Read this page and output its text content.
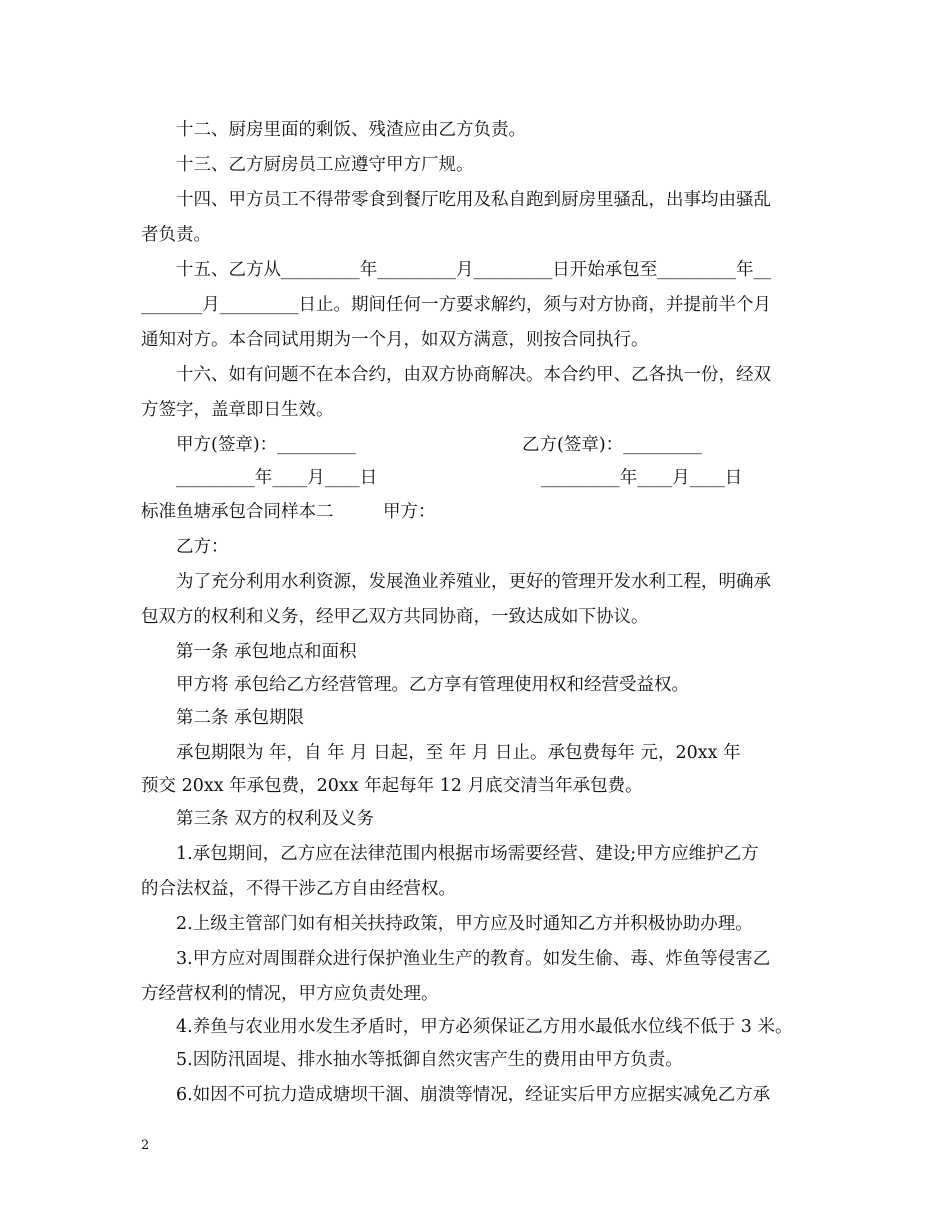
十二、厨房里面的剩饭、残渣应由乙方负责。
十三、乙方厨房员工应遵守甲方厂规。
十四、甲方员工不得带零食到餐厅吃用及私自跑到厨房里骚乱，出事均由骚乱
者负责。
十五、乙方从_________年_________月_________日开始承包至_________年__
_______月_________日止。期间任何一方要求解约，须与对方协商，并提前半个月
通知对方。本合同试用期为一个月，如双方满意，则按合同执行。
十六、如有问题不在本合约，由双方协商解决。本合约甲、乙各执一份，经双
方签字，盖章即日生效。
甲方(签章)：_________	乙方(签章)：_________
_________年____月____日	_________年____月____日
标准鱼塘承包合同样本二	甲方：
乙方：
为了充分利用水利资源，发展渔业养殖业，更好的管理开发水利工程，明确承
包双方的权利和义务，经甲乙双方共同协商，一致达成如下协议。
第一条 承包地点和面积
甲方将 承包给乙方经营管理。乙方享有管理使用权和经营受益权。
第二条 承包期限
承包期限为 年，自 年 月 日起，至 年 月 日止。承包费每年 元，20xx 年
预交 20xx 年承包费，20xx 年起每年 12 月底交清当年承包费。
第三条 双方的权利及义务
1.承包期间，乙方应在法律范围内根据市场需要经营、建设;甲方应维护乙方
的合法权益，不得干涉乙方自由经营权。
2.上级主管部门如有相关扶持政策，甲方应及时通知乙方并积极协助办理。
3.甲方应对周围群众进行保护渔业生产的教育。如发生偷、毒、炸鱼等侵害乙
方经营权利的情况，甲方应负责处理。
4.养鱼与农业用水发生矛盾时，甲方必须保证乙方用水最低水位线不低于 3 米。
5.因防汛固堤、排水抽水等抵御自然灾害产生的费用由甲方负责。
6.如因不可抗力造成塘坝干涸、崩溃等情况，经证实后甲方应据实减免乙方承
2
